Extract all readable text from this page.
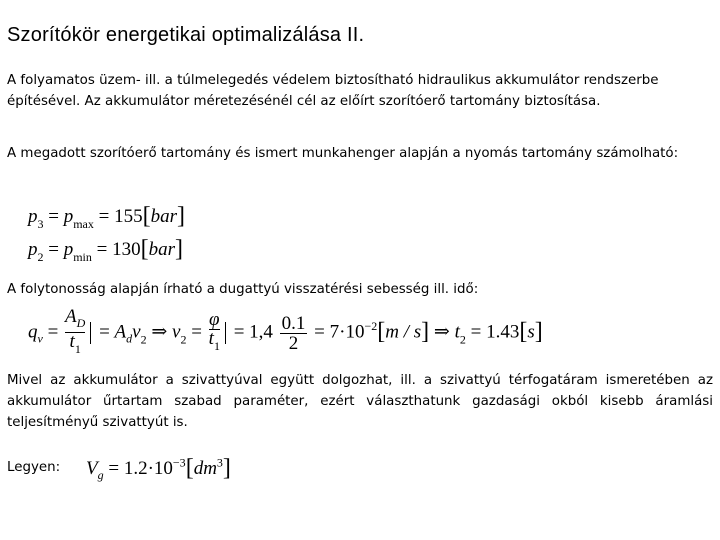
Szorítókör energetikai optimalizálása II.

A folyamatos üzem- ill. a túlmelegedés védelem biztosítható hidraulikus akkumulátor rendszerbe építésével. Az akkumulátor méretezésénél cél az előírt szorítóerő tartomány biztosítása.

A megadott szorítóerő tartomány és ismert munkahenger alapján a nyomás tartomány számolható:

$p_3 = p_{max} = 155[bar]$
$p_2 = p_{min} = 130[bar]$

A folytonosság alapján írható a dugattyú visszatérési sebesség ill. idő:

$q_v = \frac{A_D}{t_1} = A_dv_2$ ⇒ $v_2 = \frac{\varphi}{t_1} = 1,4 \frac{0.1}{2} = 7\cdot 10^{-2}[m / s]$ ⇒ $t_2 = 1.43[s]$

Mivel az akkumulátor a szivattyúval együtt dolgozhat, ill. a szivattyú térfogatáram ismeretében az akkumulátor űrtartam szabad paraméter, ezért választhatunk gazdasági okból kisebb áramlási teljesítményű szivattyút is.

Legyen: $V_g = 1.2\cdot 10^{-3}[dm^3]$
